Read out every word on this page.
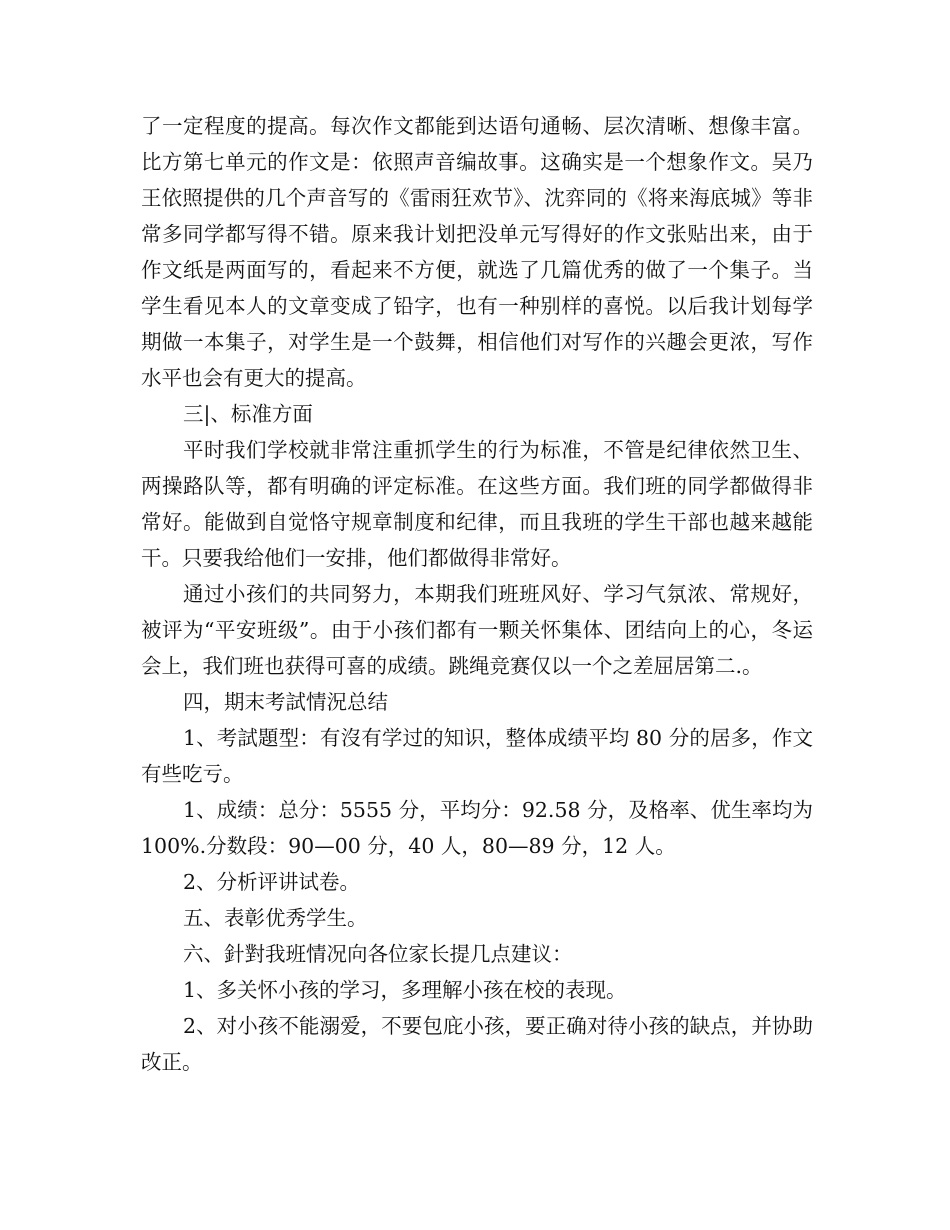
了一定程度的提高。每次作文都能到达语句通畅、层次清晰、想像丰富。比方第七单元的作文是：依照声音编故事。这确实是一个想象作文。吴乃王依照提供的几个声音写的《雷雨狂欢节》、沈弈同的《将来海底城》等非常多同学都写得不错。原来我计划把没单元写得好的作文张贴出来，由于作文纸是两面写的，看起来不方便，就选了几篇优秀的做了一个集子。当学生看见本人的文章变成了铅字，也有一种别样的喜悦。以后我计划每学期做一本集子，对学生是一个鼓舞，相信他们对写作的兴趣会更浓，写作水平也会有更大的提高。

三|、标准方面

平时我们学校就非常注重抓学生的行为标准，不管是纪律依然卫生、两操路队等，都有明确的评定标准。在这些方面。我们班的同学都做得非常好。能做到自觉恪守规章制度和纪律，而且我班的学生干部也越来越能干。只要我给他们一安排，他们都做得非常好。

通过小孩们的共同努力，本期我们班班风好、学习气氛浓、常规好，被评为“平安班级”。由于小孩们都有一颗关怀集体、团结向上的心，冬运会上，我们班也获得可喜的成绩。跳绳竞赛仅以一个之差屈居第二.。

四，期末考試情況总结

1、考試題型：有沒有学过的知识，整体成绩平均 80 分的居多，作文有些吃亏。

1、成绩：总分：5555 分，平均分：92.58 分，及格率、优生率均为 100%.分数段：90—00 分，40 人，80—89 分，12 人。

2、分析评讲试卷。

五、表彰优秀学生。

六、針對我班情况向各位家长提几点建议：

1、多关怀小孩的学习，多理解小孩在校的表现。

2、对小孩不能溺爱，不要包庇小孩，要正确对待小孩的缺点，并协助改正。
